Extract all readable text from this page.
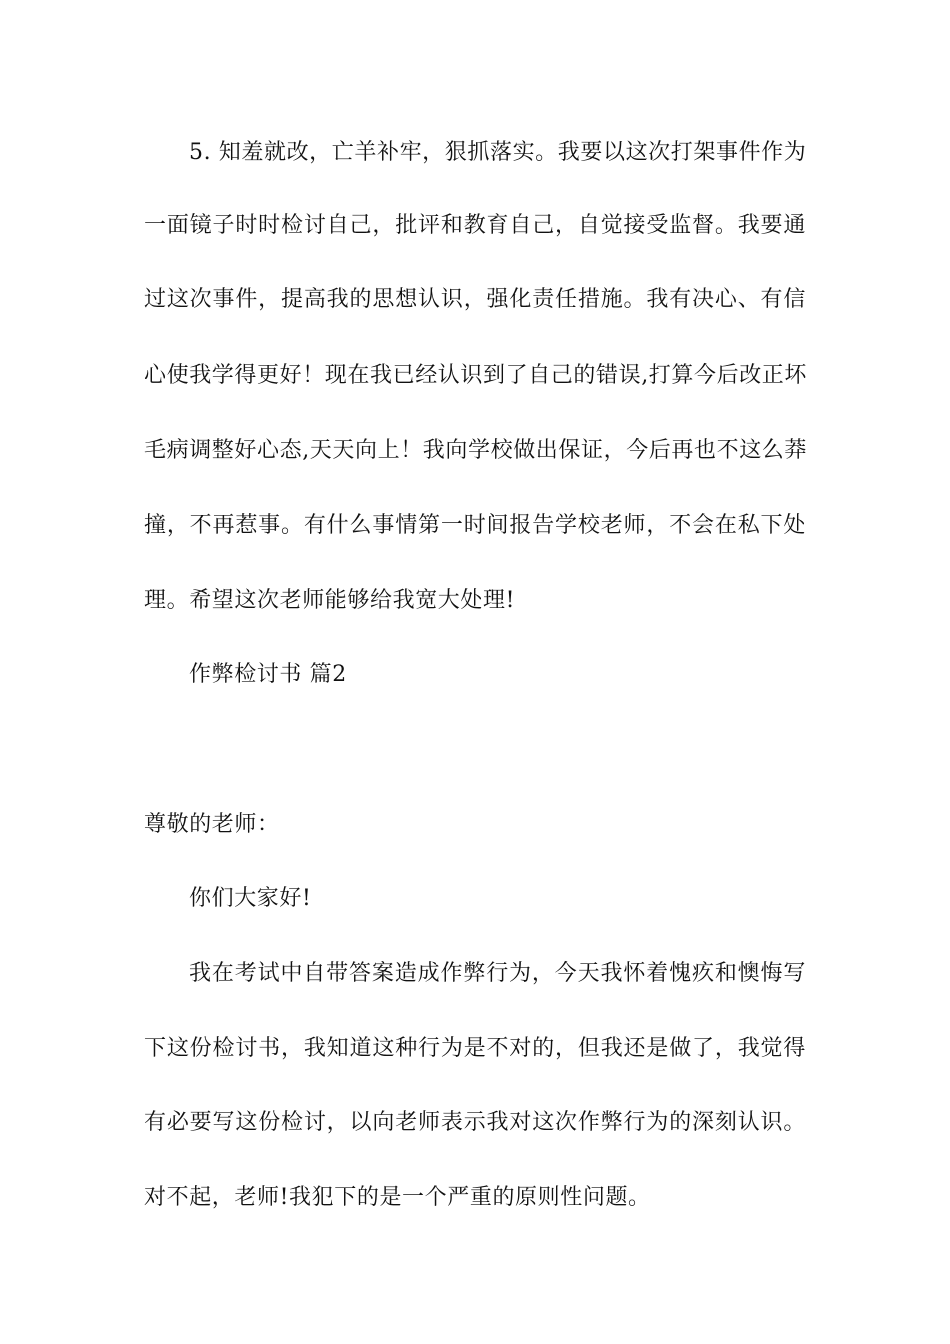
5. 知羞就改，亡羊补牢，狠抓落实。我要以这次打架事件作为
一面镜子时时检讨自己，批评和教育自己，自觉接受监督。我要通
过这次事件，提高我的思想认识，强化责任措施。我有决心、有信
心使我学得更好！现在我已经认识到了自己的错误,打算今后改正坏
毛病调整好心态,天天向上！我向学校做出保证，今后再也不这么莽
撞，不再惹事。有什么事情第一时间报告学校老师，不会在私下处
理。希望这次老师能够给我宽大处理!
作弊检讨书 篇2
尊敬的老师：
你们大家好!
我在考试中自带答案造成作弊行为，今天我怀着愧疚和懊悔写
下这份检讨书，我知道这种行为是不对的，但我还是做了，我觉得
有必要写这份检讨，以向老师表示我对这次作弊行为的深刻认识。
对不起，老师!我犯下的是一个严重的原则性问题。
